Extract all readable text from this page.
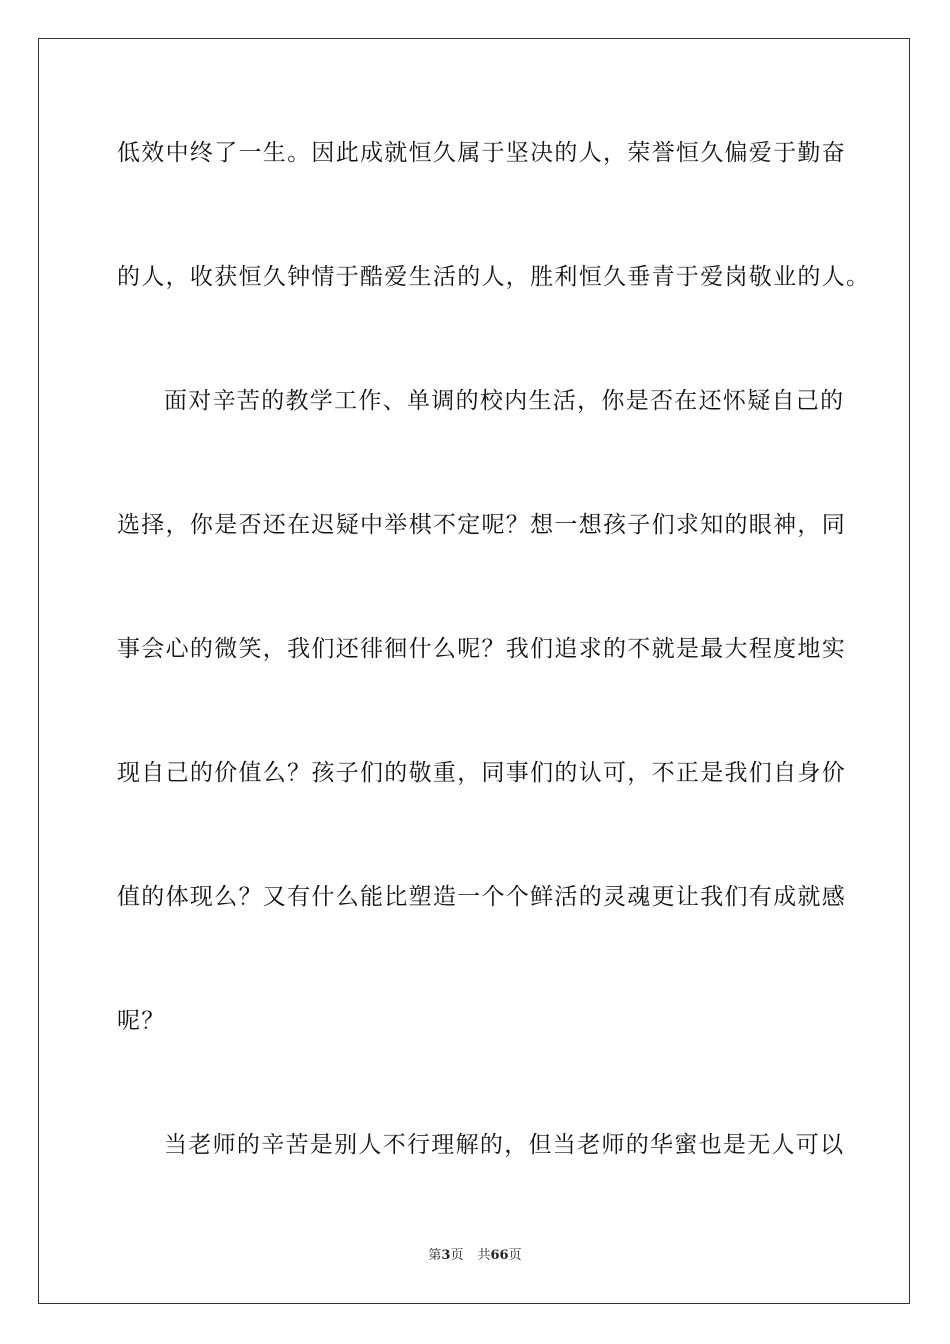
低效中终了一生。因此成就恒久属于坚决的人，荣誉恒久偏爱于勤奋
的人，收获恒久钟情于酷爱生活的人，胜利恒久垂青于爱岗敬业的人。
面对辛苦的教学工作、单调的校内生活，你是否在还怀疑自己的
选择，你是否还在迟疑中举棋不定呢？想一想孩子们求知的眼神，同
事会心的微笑，我们还徘徊什么呢？我们追求的不就是最大程度地实
现自己的价值么？孩子们的敬重，同事们的认可，不正是我们自身价
值的体现么？又有什么能比塑造一个个鲜活的灵魂更让我们有成就感
呢？
当老师的辛苦是别人不行理解的，但当老师的华蜜也是无人可以
第3页 共66页
